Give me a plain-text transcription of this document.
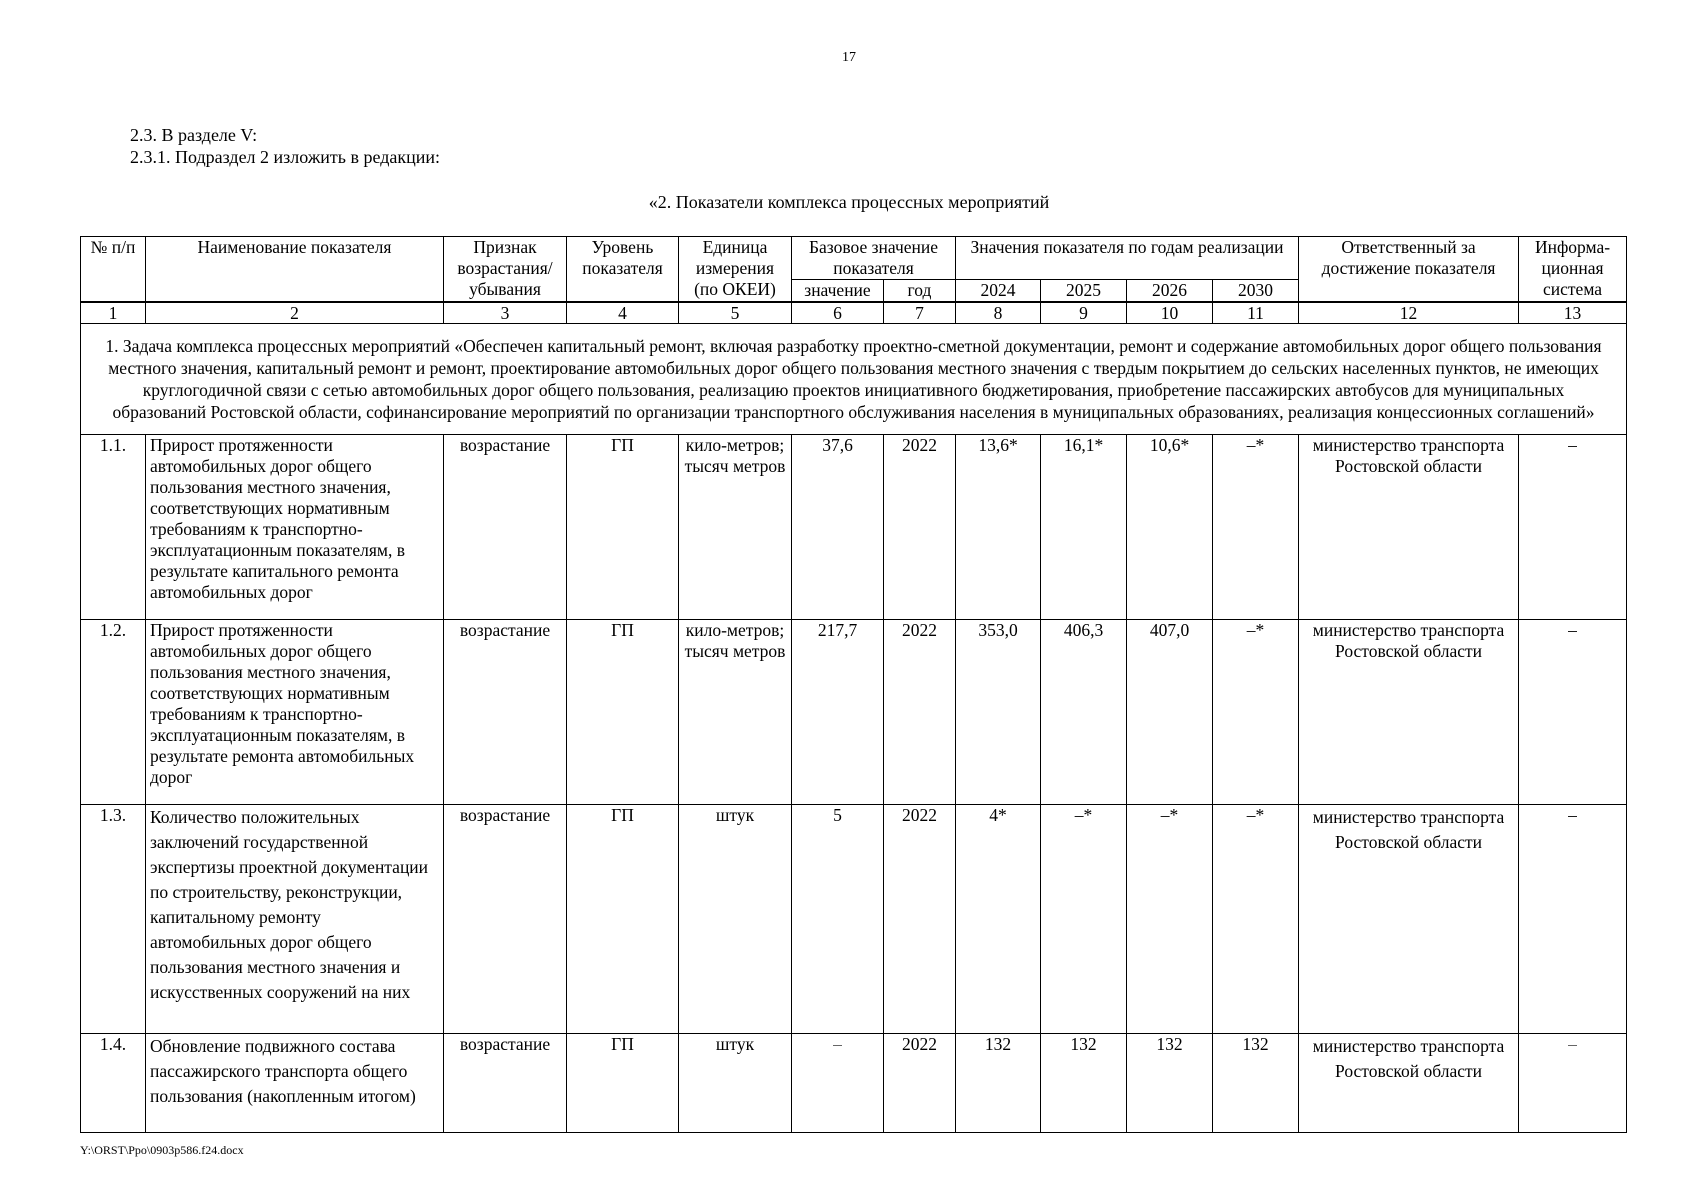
17
2.3. В разделе V:
2.3.1. Подраздел 2 изложить в редакции:
«2. Показатели комплекса процессных мероприятий
№ п/п	Наименование показателя	Признак возрастания/ убывания	Уровень показателя	Единица измерения (по ОКЕИ)	Базовое значение показателя		Значения показателя по годам реализации				Ответственный за достижение показателя	Информа-ционная система
					значение	год	2024	2025	2026	2030		
1	2	3	4	5	6	7	8	9	10	11	12	13
1. Задача комплекса процессных мероприятий «Обеспечен капитальный ремонт, включая разработку проектно-сметной документации, ремонт и содержание автомобильных дорог общего пользования местного значения, капитальный ремонт и ремонт, проектирование автомобильных дорог общего пользования местного значения с твердым покрытием до сельских населенных пунктов, не имеющих круглогодичной связи с сетью автомобильных дорог общего пользования, реализацию проектов инициативного бюджетирования, приобретение пассажирских автобусов для муниципальных образований Ростовской области, софинансирование мероприятий по организации транспортного обслуживания населения в муниципальных образованиях, реализация концессионных соглашений»												
1.1.	Прирост протяженности автомобильных дорог общего пользования местного значения, соответствующих нормативным требованиям к транспортно-эксплуатационным показателям, в результате капитального ремонта автомобильных дорог	возрастание	ГП	кило-метров; тысяч метров	37,6	2022	13,6*	16,1*	10,6*	–*	министерство транспорта Ростовской области	–
1.2.	Прирост протяженности автомобильных дорог общего пользования местного значения, соответствующих нормативным требованиям к транспортно-эксплуатационным показателям, в результате ремонта автомобильных дорог	возрастание	ГП	кило-метров; тысяч метров	217,7	2022	353,0	406,3	407,0	–*	министерство транспорта Ростовской области	–
1.3.	Количество положительных заключений государственной экспертизы проектной документации по строительству, реконструкции, капитальному ремонту автомобильных дорог общего пользования местного значения и искусственных сооружений на них	возрастание	ГП	штук	5	2022	4*	–*	–*	–*	министерство транспорта Ростовской области	–
1.4.	Обновление подвижного состава пассажирского транспорта общего пользования (накопленным итогом)	возрастание	ГП	штук	–	2022	132	132	132	132	министерство транспорта Ростовской области	–
Y:\ORST\Ppo\0903p586.f24.docx
